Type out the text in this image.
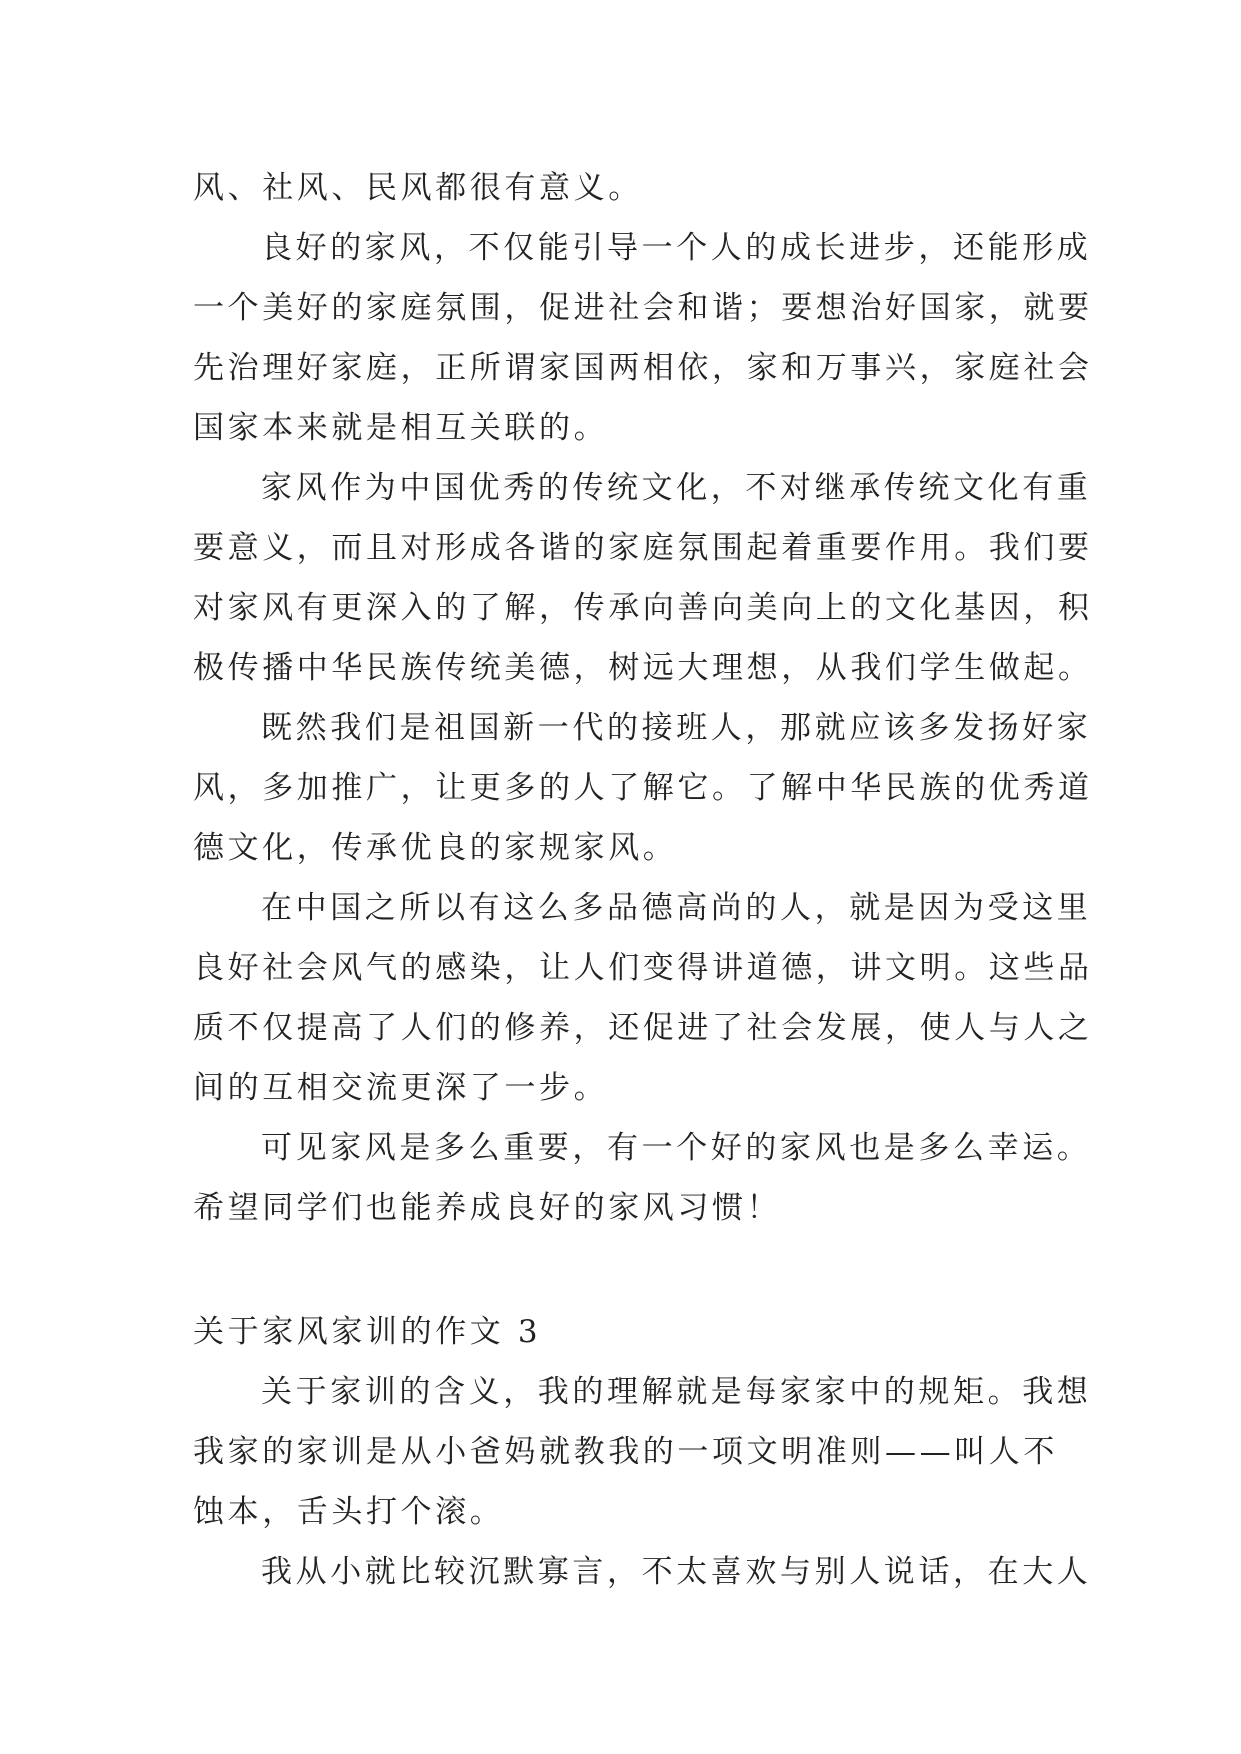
风、社风、民风都很有意义。
良好的家风，不仅能引导一个人的成长进步，还能形成
一个美好的家庭氛围，促进社会和谐；要想治好国家，就要
先治理好家庭，正所谓家国两相依，家和万事兴，家庭社会
国家本来就是相互关联的。
家风作为中国优秀的传统文化，不对继承传统文化有重
要意义，而且对形成各谐的家庭氛围起着重要作用。我们要
对家风有更深入的了解，传承向善向美向上的文化基因，积
极传播中华民族传统美德，树远大理想，从我们学生做起。
既然我们是祖国新一代的接班人，那就应该多发扬好家
风，多加推广，让更多的人了解它。了解中华民族的优秀道
德文化，传承优良的家规家风。
在中国之所以有这么多品德高尚的人，就是因为受这里
良好社会风气的感染，让人们变得讲道德，讲文明。这些品
质不仅提高了人们的修养，还促进了社会发展，使人与人之
间的互相交流更深了一步。
可见家风是多么重要，有一个好的家风也是多么幸运。
希望同学们也能养成良好的家风习惯！
关于家风家训的作文 3
关于家训的含义，我的理解就是每家家中的规矩。我想
我家的家训是从小爸妈就教我的一项文明准则——叫人不
蚀本，舌头打个滚。
我从小就比较沉默寡言，不太喜欢与别人说话，在大人
